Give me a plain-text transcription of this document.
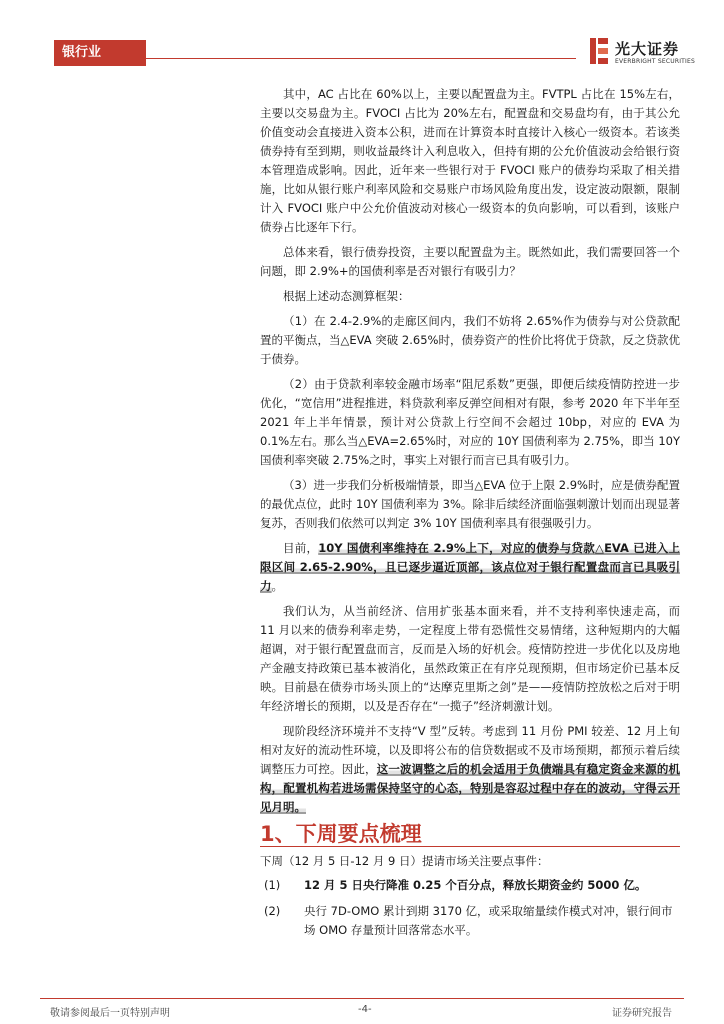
银行业	光大证券
EVERBRIGHT SECURITIES

其中，AC 占比在 60%以上，主要以配置盘为主。FVTPL 占比在 15%左右，主要以交易盘为主。FVOCI 占比为 20%左右，配置盘和交易盘均有，由于其公允价值变动会直接进入资本公积，进而在计算资本时直接计入核心一级资本。若该类债券持有至到期，则收益最终计入利息收入，但持有期的公允价值波动会给银行资本管理造成影响。因此，近年来一些银行对于 FVOCI 账户的债券均采取了相关措施，比如从银行账户利率风险和交易账户市场风险角度出发，设定波动限额，限制计入 FVOCI 账户中公允价值波动对核心一级资本的负向影响，可以看到，该账户债券占比逐年下行。

总体来看，银行债券投资，主要以配置盘为主。既然如此，我们需要回答一个问题，即 2.9%+的国债利率是否对银行有吸引力？

根据上述动态测算框架：

（1）在 2.4-2.9%的走廊区间内，我们不妨将 2.65%作为债券与对公贷款配置的平衡点，当△EVA 突破 2.65%时，债券资产的性价比将优于贷款，反之贷款优于债券。

（2）由于贷款利率较金融市场率“阻尼系数”更强，即便后续疫情防控进一步优化，“宽信用”进程推进，料贷款利率反弹空间相对有限，参考 2020 年下半年至 2021 年上半年情景，预计对公贷款上行空间不会超过 10bp，对应的 EVA 为 0.1%左右。那么当△EVA=2.65%时，对应的 10Y 国债利率为 2.75%，即当 10Y 国债利率突破 2.75%之时，事实上对银行而言已具有吸引力。

（3）进一步我们分析极端情景，即当△EVA 位于上限 2.9%时，应是债券配置的最优点位，此时 10Y 国债利率为 3%。除非后续经济面临强刺激计划而出现显著复苏，否则我们依然可以判定 3% 10Y 国债利率具有很强吸引力。

目前，10Y 国债利率维持在 2.9%上下，对应的债券与贷款△EVA 已进入上限区间 2.65-2.90%，且已逐步逼近顶部，该点位对于银行配置盘而言已具吸引力。

我们认为，从当前经济、信用扩张基本面来看，并不支持利率快速走高，而 11 月以来的债券利率走势，一定程度上带有恐慌性交易情绪，这种短期内的大幅超调，对于银行配置盘而言，反而是入场的好机会。疫情防控进一步优化以及房地产金融支持政策已基本被消化，虽然政策正在有序兑现预期，但市场定价已基本反映。目前悬在债券市场头顶上的“达摩克里斯之剑”是——疫情防控放松之后对于明年经济增长的预期，以及是否存在“一揽子”经济刺激计划。

现阶段经济环境并不支持“V 型”反转。考虑到 11 月份 PMI 较差、12 月上旬相对友好的流动性环境，以及即将公布的信贷数据或不及市场预期，都预示着后续调整压力可控。因此，这一波调整之后的机会适用于负债端具有稳定资金来源的机构，配置机构若进场需保持坚守的心态，特别是容忍过程中存在的波动，守得云开见月明。

1、下周要点梳理
下周（12 月 5 日-12 月 9 日）提请市场关注要点事件：
(1) 12 月 5 日央行降准 0.25 个百分点，释放长期资金约 5000 亿。
(2) 央行 7D-OMO 累计到期 3170 亿，或采取缩量续作模式对冲，银行间市场 OMO 存量预计回落常态水平。
敬请参阅最后一页特别声明	-4-	证券研究报告
